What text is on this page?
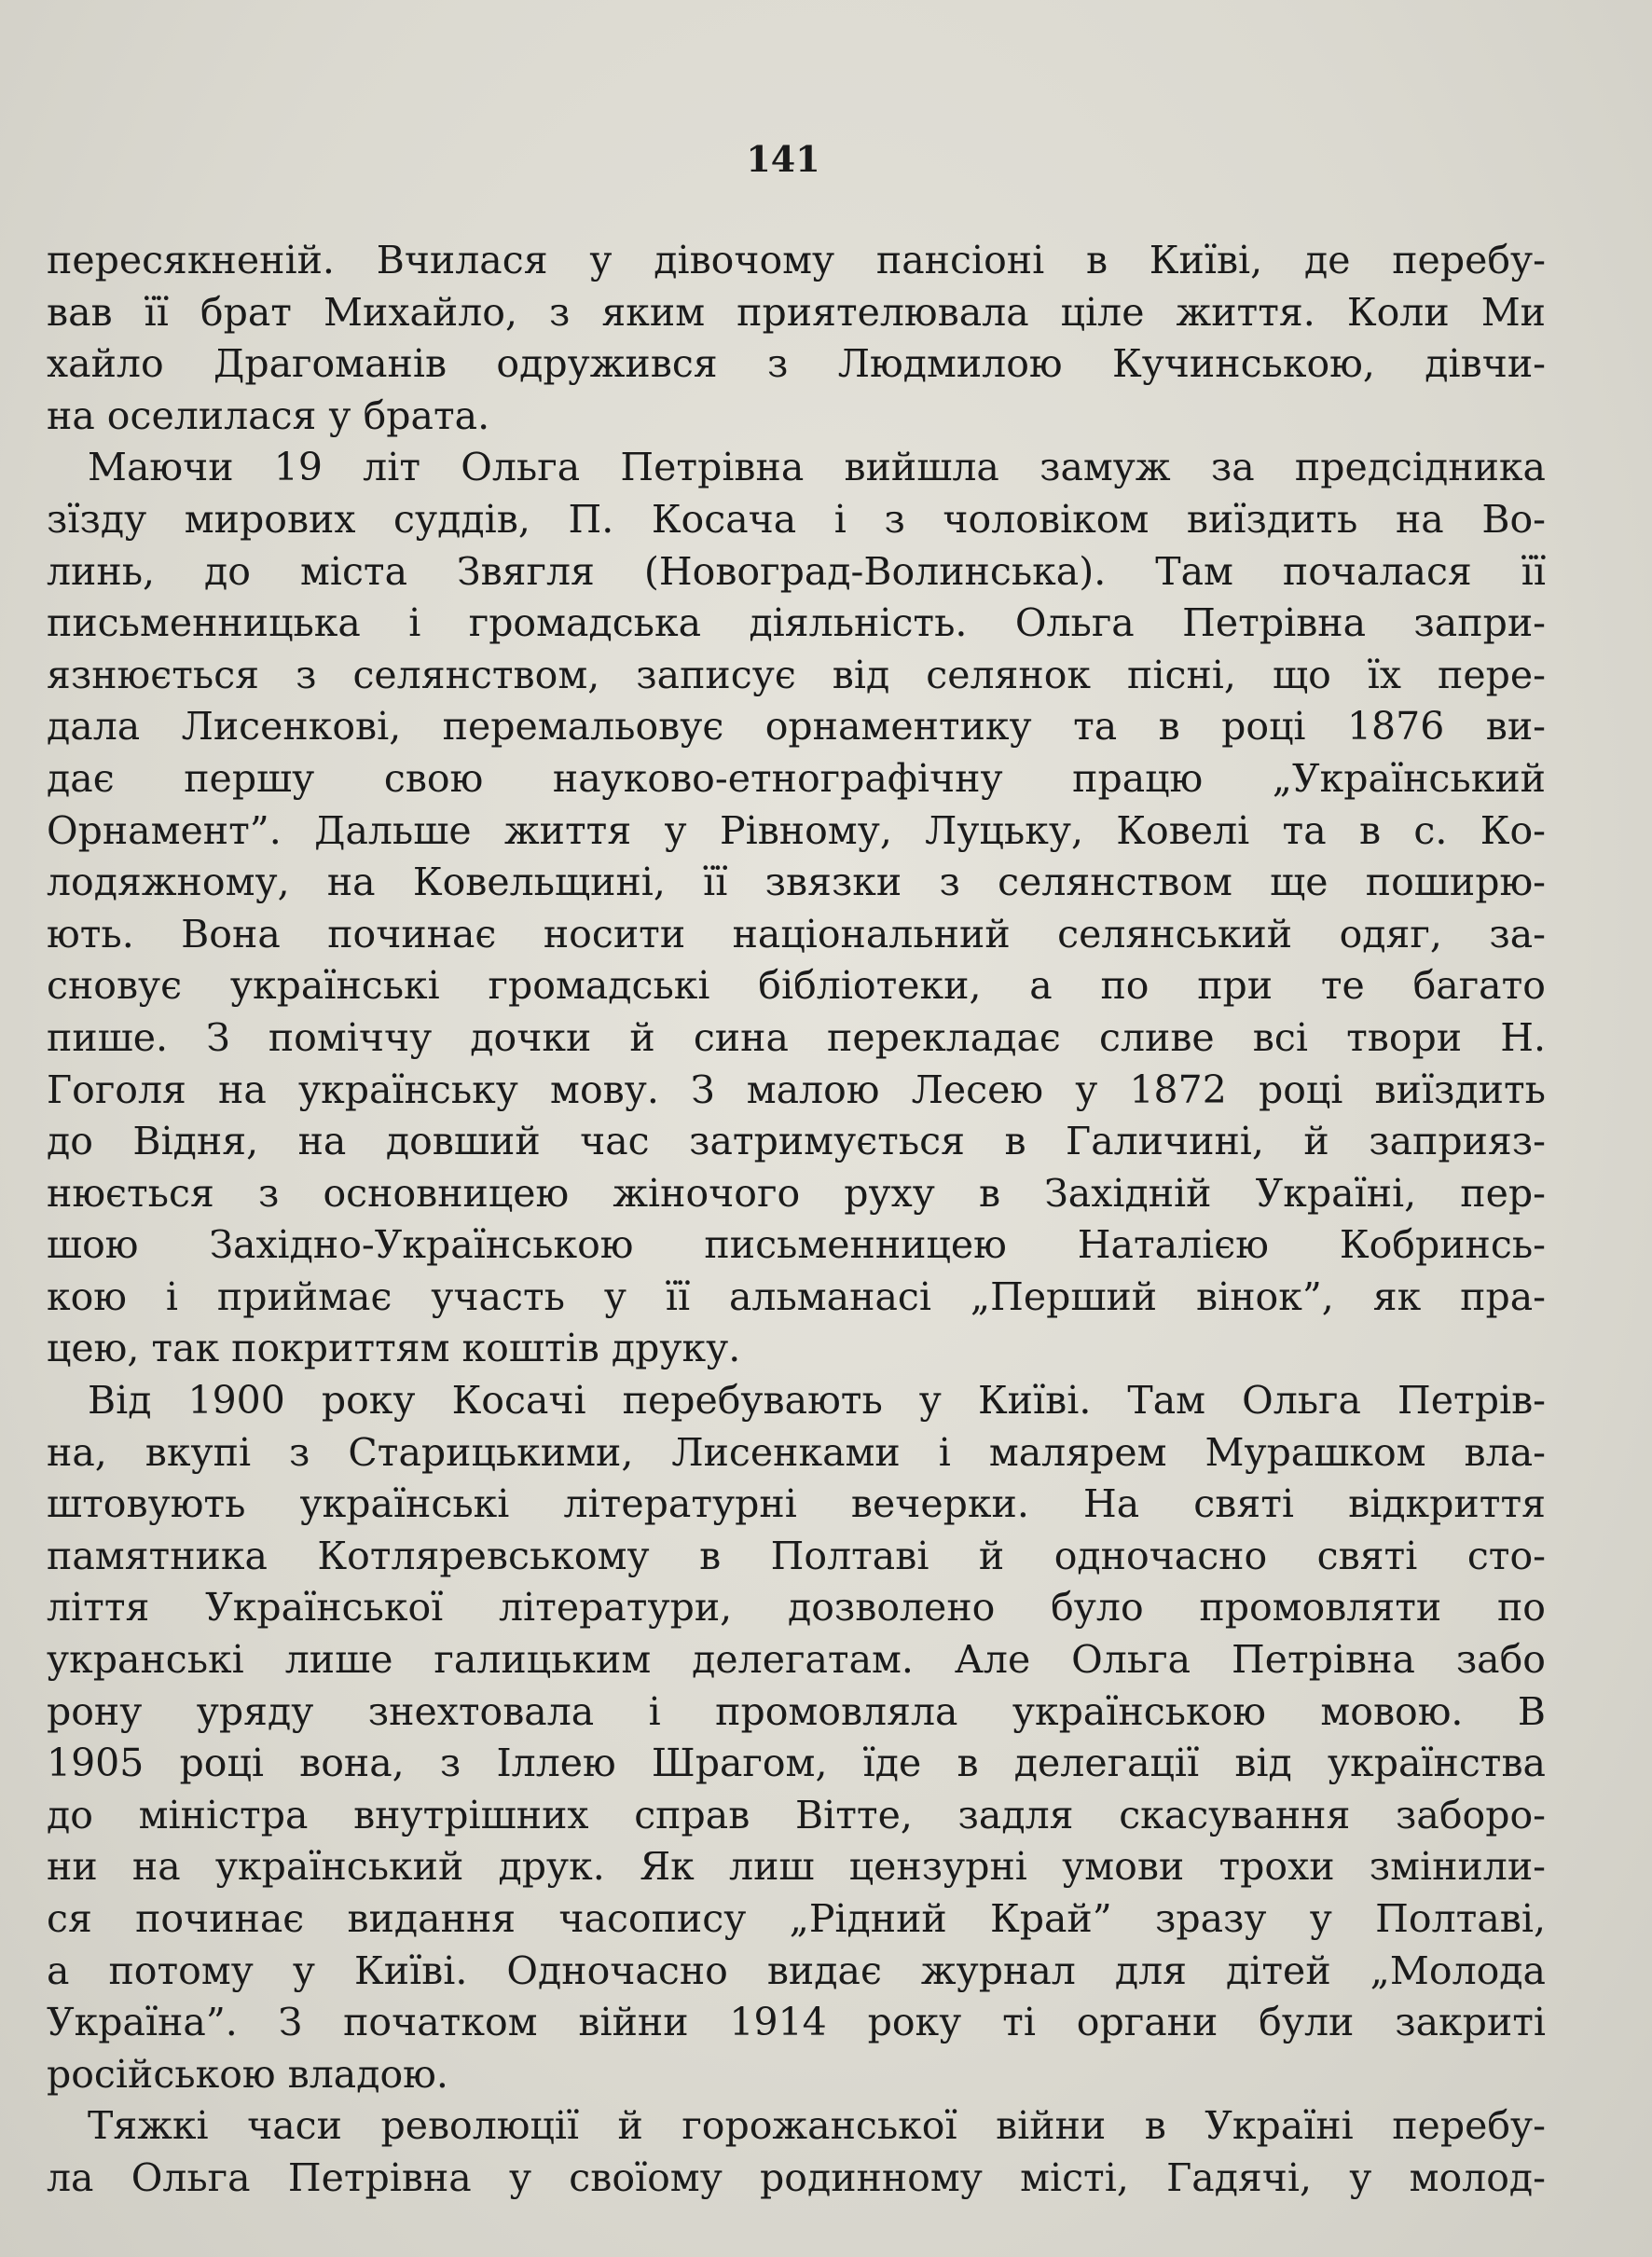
141
пересякненій. Вчилася у дівочому пансіоні в Київі, де перебу-
вав її брат Михайло, з яким приятелювала ціле життя. Коли Ми
хайло Драгоманів одружився з Людмилою Кучинською, дівчи-
на оселилася у брата.
Маючи 19 літ Ольга Петрівна вийшла замуж за предсідника
зїзду мирових суддів, П. Косача і з чоловіком виїздить на Во-
линь, до міста Звягля (Новоград-Волинська). Там почалася її
письменницька і громадська діяльність. Ольга Петрівна запри-
язнюється з селянством, записує від селянок пісні, що їх пере-
дала Лисенкові, перемальовує орнаментику та в році 1876 ви-
дає першу свою науково-етнографічну працю „Український
Орнамент”. Дальше життя у Рівному, Луцьку, Ковелі та в с. Ко-
лодяжному, на Ковельщині, її звязки з селянством ще поширю-
ють. Вона починає носити національний селянський одяг, за-
сновує українські громадські бібліотеки, а по при те багато
пише. З поміччу дочки й сина перекладає сливе всі твори Н.
Гоголя на українську мову. З малою Лесею у 1872 році виїздить
до Відня, на довший час затримується в Галичині, й заприяз-
нюється з основницею жіночого руху в Західній Україні, пер-
шою Західно-Українською письменницею Наталією Кобринсь-
кою і приймає участь у її альманасі „Перший вінок”, як пра-
цею, так покриттям коштів друку.
Від 1900 року Косачі перебувають у Київі. Там Ольга Петрів-
на, вкупі з Старицькими, Лисенками і малярем Мурашком вла-
штовують українські літературні вечерки. На святі відкриття
памятника Котляревському в Полтаві й одночасно святі сто-
ліття Української літератури, дозволено було промовляти по
укранські лише галицьким делегатам. Але Ольга Петрівна забо
рону уряду знехтовала і промовляла українською мовою. В
1905 році вона, з Іллею Шрагом, їде в делегації від українства
до міністра внутрішних справ Вітте, задля скасування заборо-
ни на український друк. Як лиш цензурні умови трохи змінили-
ся починає видання часопису „Рідний Край” зразу у Полтаві,
а потому у Київі. Одночасно видає журнал для дітей „Молода
Україна”. З початком війни 1914 року ті органи були закриті
російською владою.
Тяжкі часи революції й горожанської війни в Україні перебу-
ла Ольга Петрівна у своїому родинному місті, Гадячі, у молод-
